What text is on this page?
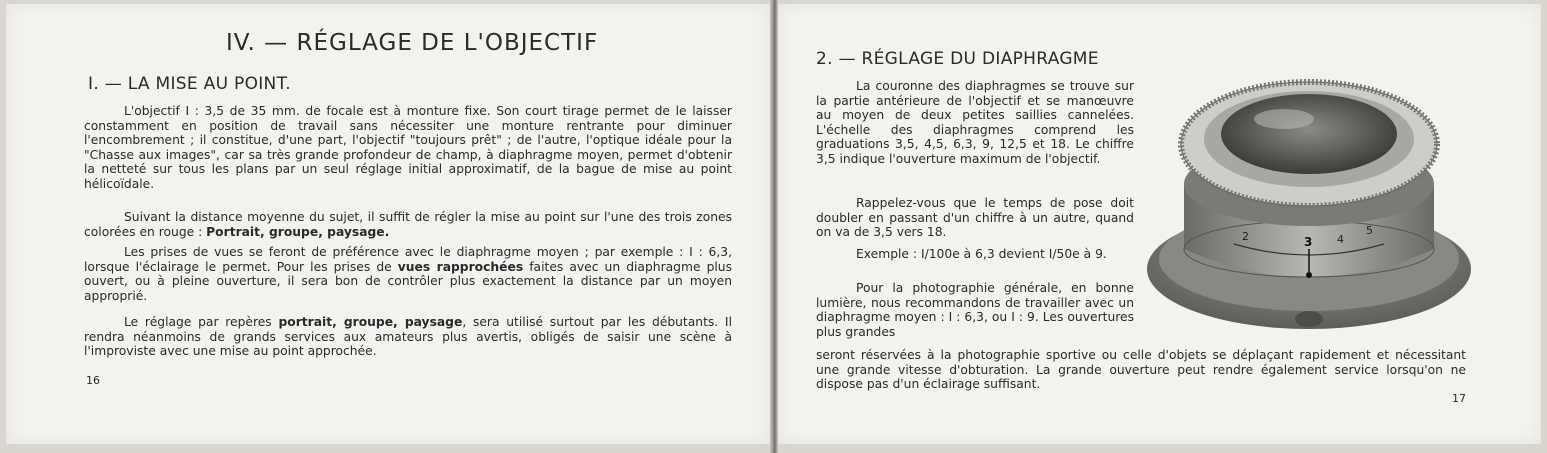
IV. — RÉGLAGE DE L'OBJECTIF
I. — LA MISE AU POINT.

L'objectif I : 3,5 de 35 mm. de focale est à monture fixe. Son court tirage permet de le laisser constamment en position de travail sans nécessiter une monture rentrante pour diminuer l'encombrement ; il constitue, d'une part, l'objectif "toujours prêt" ; de l'autre, l'optique idéale pour la "Chasse aux images", car sa très grande profondeur de champ, à diaphragme moyen, permet d'obtenir la netteté sur tous les plans par un seul réglage initial approximatif, de la bague de mise au point hélicoïdale.

Suivant la distance moyenne du sujet, il suffit de régler la mise au point sur l'une des trois zones colorées en rouge : Portrait, groupe, paysage.

Les prises de vues se feront de préférence avec le diaphragme moyen ; par exemple : I : 6,3, lorsque l'éclairage le permet. Pour les prises de vues rapprochées faites avec un diaphragme plus ouvert, ou à pleine ouverture, il sera bon de contrôler plus exactement la distance par un moyen approprié.

Le réglage par repères portrait, groupe, paysage, sera utilisé surtout par les débutants. Il rendra néanmoins de grands services aux amateurs plus avertis, obligés de saisir une scène à l'improviste avec une mise au point approchée.

16
2. — RÉGLAGE DU DIAPHRAGME

La couronne des diaphragmes se trouve sur la partie antérieure de l'objectif et se manœuvre au moyen de deux petites saillies cannelées. L'échelle des diaphragmes comprend les graduations 3,5, 4,5, 6,3, 9, 12,5 et 18. Le chiffre 3,5 indique l'ouverture maximum de l'objectif.

Rappelez-vous que le temps de pose doit doubler en passant d'un chiffre à un autre, quand on va de 3,5 vers 18.

Exemple : I/100e à 6,3 devient I/50e à 9.

Pour la photographie générale, en bonne lumière, nous recommandons de travailler avec un diaphragme moyen : I : 6,3, ou I : 9. Les ouvertures plus grandes

seront réservées à la photographie sportive ou celle d'objets se déplaçant rapidement et nécessitant une grande vitesse d'obturation. La grande ouverture peut rendre également service lorsqu'on ne dispose pas d'un éclairage suffisant.

2	3 4
5
17
